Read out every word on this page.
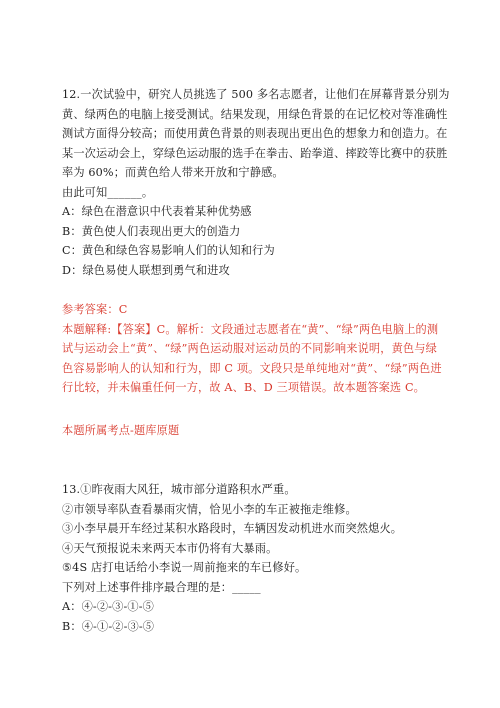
12.一次试验中，研究人员挑选了 500 多名志愿者，让他们在屏幕背景分别为
黄、绿两色的电脑上接受测试。结果发现，用绿色背景的在记忆校对等准确性
测试方面得分较高；而使用黄色背景的则表现出更出色的想象力和创造力。在
某一次运动会上，穿绿色运动服的选手在拳击、跆拳道、摔跤等比赛中的获胜
率为 60%；而黄色给人带来开放和宁静感。
由此可知______。
A：绿色在潜意识中代表着某种优势感
B：黄色使人们表现出更大的创造力
C：黄色和绿色容易影响人们的认知和行为
D：绿色易使人联想到勇气和进攻
参考答案：C
本题解释:【答案】C。解析：文段通过志愿者在“黄”、“绿”两色电脑上的测
试与运动会上“黄”、“绿”两色运动服对运动员的不同影响来说明，黄色与绿
色容易影响人的认知和行为，即 C 项。文段只是单纯地对“黄”、“绿”两色进
行比较，并未偏重任何一方，故 A、B、D 三项错误。故本题答案选 C。
本题所属考点-题库原题
13.①昨夜雨大风狂，城市部分道路积水严重。
②市领导率队查看暴雨灾情，恰见小李的车正被拖走维修。
③小李早晨开车经过某积水路段时，车辆因发动机进水而突然熄火。
④天气预报说未来两天本市仍将有大暴雨。
⑤4S 店打电话给小李说一周前拖来的车已修好。
下列对上述事件排序最合理的是：_____
A：④-②-③-①-⑤
B：④-①-②-③-⑤
